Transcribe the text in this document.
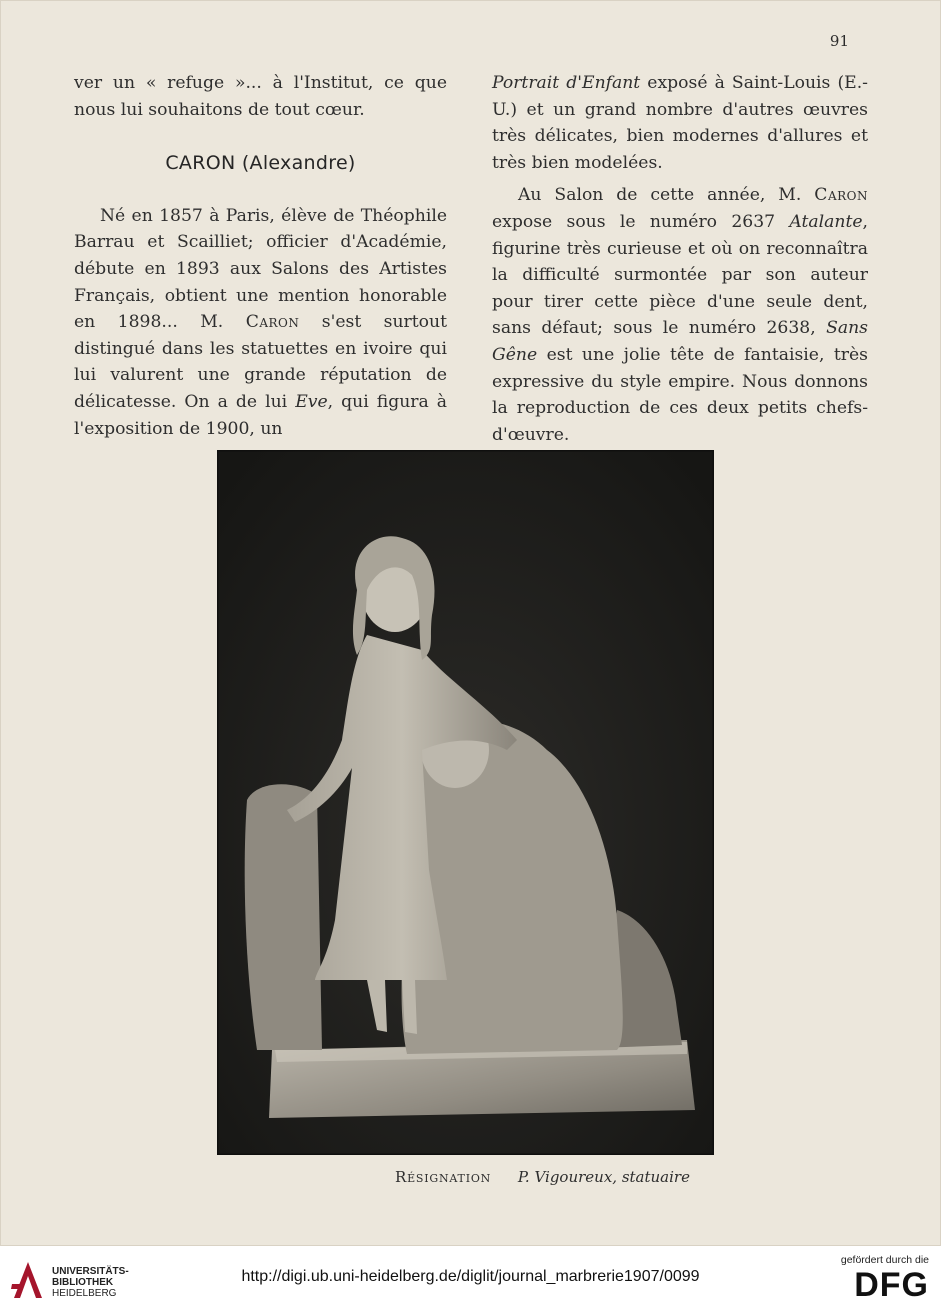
91

ver un « refuge »... à l'Institut, ce que nous lui souhaitons de tout cœur.

CARON (Alexandre)

Né en 1857 à Paris, élève de Théophile Barrau et Scailliet; officier d'Académie, débute en 1893 aux Salons des Artistes Français, obtient une mention honorable en 1898... M. Caron s'est surtout distingué dans les statuettes en ivoire qui lui valurent une grande réputation de délicatesse. On a de lui Eve, qui figura à l'exposition de 1900, un

Portrait d'Enfant exposé à Saint-Louis (E.-U.) et un grand nombre d'autres œuvres très délicates, bien modernes d'allures et très bien modelées.

Au Salon de cette année, M. Caron expose sous le numéro 2637 Atalante, figurine très curieuse et où on reconnaîtra la difficulté surmontée par son auteur pour tirer cette pièce d'une seule dent, sans défaut; sous le numéro 2638, Sans Gêne est une jolie tête de fantaisie, très expressive du style empire. Nous donnons la reproduction de ces deux petits chefs-d'œuvre.

Résignation P. Vigoureux, statuaire
UNIVERSITÄTS-
BIBLIOTHEK
HEIDELBERG
http://digi.ub.uni-heidelberg.de/diglit/journal_marbrerie1907/0099
gefördert durch die
DFG
